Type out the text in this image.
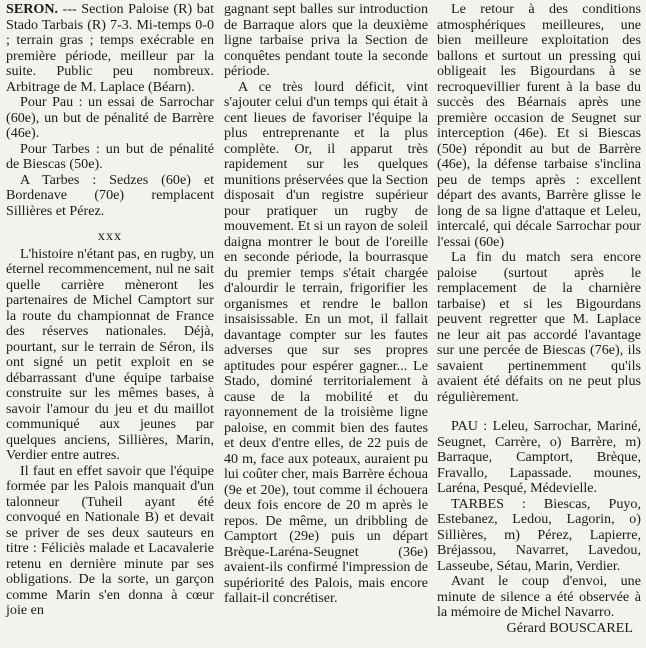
SERON. --- Section Paloise (R) bat Stado Tarbais (R) 7-3. Mi-temps 0-0 ; terrain gras ; temps exécrable en première période, meilleur par la suite. Public peu nombreux. Arbitrage de M. Laplace (Béarn).

Pour Pau : un essai de Sarrochar (60e), un but de pénalité de Barrère (46e).

Pour Tarbes : un but de pénalité de Biescas (50e).

A Tarbes : Sedzes (60e) et Bordenave (70e) remplacent Sillières et Pérez.

xxx

L'histoire n'étant pas, en rugby, un éternel recommencement, nul ne sait quelle carrière mèneront les partenaires de Michel Camptort sur la route du championnat de France des réserves nationales. Déjà, pourtant, sur le terrain de Séron, ils ont signé un petit exploit en se débarrassant d'une équipe tarbaise construite sur les mêmes bases, à savoir l'amour du jeu et du maillot communiqué aux jeunes par quelques anciens, Sillières, Marin, Verdier entre autres.

Il faut en effet savoir que l'équipe formée par les Palois manquait d'un talonneur (Tuheil ayant été convoqué en Nationale B) et devait se priver de ses deux sauteurs en titre : Féliciès malade et Lacavalerie retenu en dernière minute par ses obligations. De la sorte, un garçon comme Marin s'en donna à cœur joie en

gagnant sept balles sur introduction de Barraque alors que la deuxième ligne tarbaise priva la Section de conquêtes pendant toute la seconde période.

A ce très lourd déficit, vint s'ajouter celui d'un temps qui était à cent lieues de favoriser l'équipe la plus entreprenante et la plus complète. Or, il apparut très rapidement sur les quelques munitions préservées que la Section disposait d'un registre supérieur pour pratiquer un rugby de mouvement. Et si un rayon de soleil daigna montrer le bout de l'oreille en seconde période, la bourrasque du premier temps s'était chargée d'alourdir le terrain, frigorifier les organismes et rendre le ballon insaisissable. En un mot, il fallait davantage compter sur les fautes adverses que sur ses propres aptitudes pour espérer gagner... Le Stado, dominé territorialement à cause de la mobilité et du rayonnement de la troisième ligne paloise, en commit bien des fautes et deux d'entre elles, de 22 puis de 40 m, face aux poteaux, auraient pu lui coûter cher, mais Barrère échoua (9e et 20e), tout comme il échouera deux fois encore de 20 m après le repos. De même, un dribbling de Camptort (29e) puis un départ Brèque-Laréna-Seugnet (36e) avaient-ils confirmé l'impression de supériorité des Palois, mais encore fallait-il concrétiser.

Le retour à des conditions atmosphériques meilleures, une bien meilleure exploitation des ballons et surtout un pressing qui obligeait les Bigourdans à se recroquevillier furent à la base du succès des Béarnais après une première occasion de Seugnet sur interception (46e). Et si Biescas (50e) répondit au but de Barrère (46e), la défense tarbaise s'inclina peu de temps après : excellent départ des avants, Barrère glisse le long de sa ligne d'attaque et Leleu, intercalé, qui décale Sarrochar pour l'essai (60e)

La fin du match sera encore paloise (surtout après le remplacement de la charnière tarbaise) et si les Bigourdans peuvent regretter que M. Laplace ne leur ait pas accordé l'avantage sur une percée de Biescas (76e), ils savaient pertinemment qu'ils avaient été défaits on ne peut plus régulièrement.

PAU : Leleu, Sarrochar, Mariné, Seugnet, Carrère, o) Barrère, m) Barraque, Camptort, Brèque, Fravallo, Lapassade. mounes, Laréna, Pesqué, Médevielle.

TARBES : Biescas, Puyo, Estebanez, Ledou, Lagorin, o) Sillières, m) Pérez, Lapierre, Bréjassou, Navarret, Lavedou, Lasseube, Sétau, Marin, Verdier.

Avant le coup d'envoi, une minute de silence a été observée à la mémoire de Michel Navarro.

Gérard BOUSCAREL
